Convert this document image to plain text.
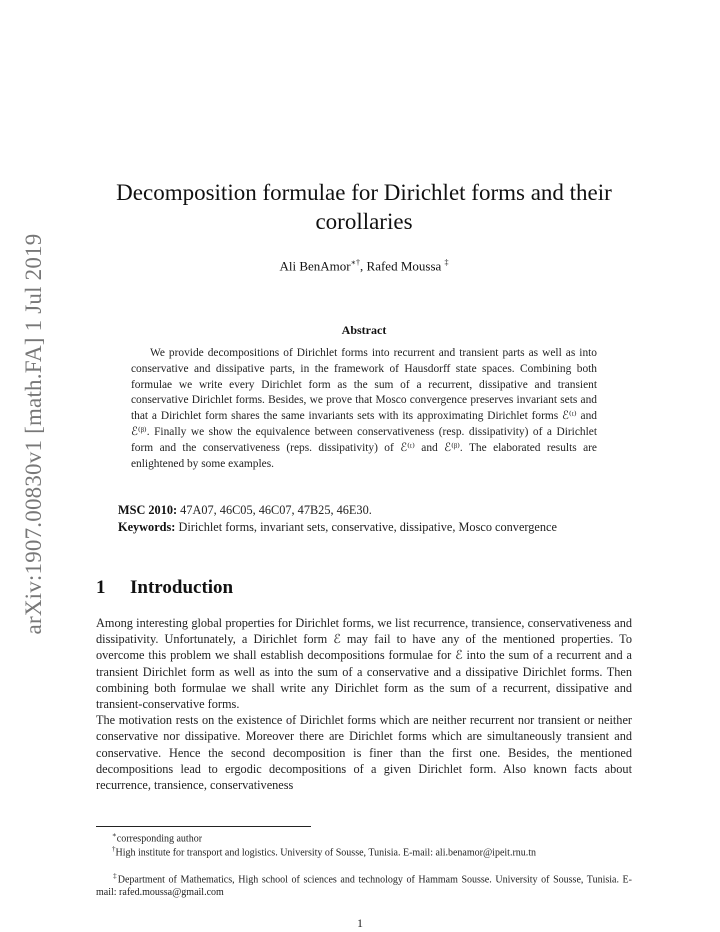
arXiv:1907.00830v1 [math.FA] 1 Jul 2019
Decomposition formulae for Dirichlet forms and their corollaries
Ali BenAmor∗†, Rafed Moussa ‡
Abstract
We provide decompositions of Dirichlet forms into recurrent and transient parts as well as into conservative and dissipative parts, in the framework of Hausdorff state spaces. Combining both formulae we write every Dirichlet form as the sum of a recurrent, dissipative and transient conservative Dirichlet forms. Besides, we prove that Mosco convergence preserves invariant sets and that a Dirichlet form shares the same invariants sets with its approximating Dirichlet forms ℰ⁽ᵗ⁾ and ℰ⁽ᵝ⁾. Finally we show the equivalence between conservativeness (resp. dissipativity) of a Dirichlet form and the conservativeness (reps. dissipativity) of ℰ⁽ᵗ⁾ and ℰ⁽ᵝ⁾. The elaborated results are enlightened by some examples.
MSC 2010: 47A07, 46C05, 46C07, 47B25, 46E30.
Keywords: Dirichlet forms, invariant sets, conservative, dissipative, Mosco convergence
1 Introduction

Among interesting global properties for Dirichlet forms, we list recurrence, transience, conservativeness and dissipativity. Unfortunately, a Dirichlet form ℰ may fail to have any of the mentioned properties. To overcome this problem we shall establish decompositions formulae for ℰ into the sum of a recurrent and a transient Dirichlet form as well as into the sum of a conservative and a dissipative Dirichlet forms. Then combining both formulae we shall write any Dirichlet form as the sum of a recurrent, dissipative and transient-conservative forms.

The motivation rests on the existence of Dirichlet forms which are neither recurrent nor transient or neither conservative nor dissipative. Moreover there are Dirichlet forms which are simultaneously transient and conservative. Hence the second decomposition is finer than the first one. Besides, the mentioned decompositions lead to ergodic decompositions of a given Dirichlet form. Also known facts about recurrence, transience, conservativeness

∗corresponding author
†High institute for transport and logistics. University of Sousse, Tunisia. E-mail: ali.benamor@ipeit.rnu.tn
‡Department of Mathematics, High school of sciences and technology of Hammam Sousse. University of Sousse, Tunisia. E-mail: rafed.moussa@gmail.com
1
